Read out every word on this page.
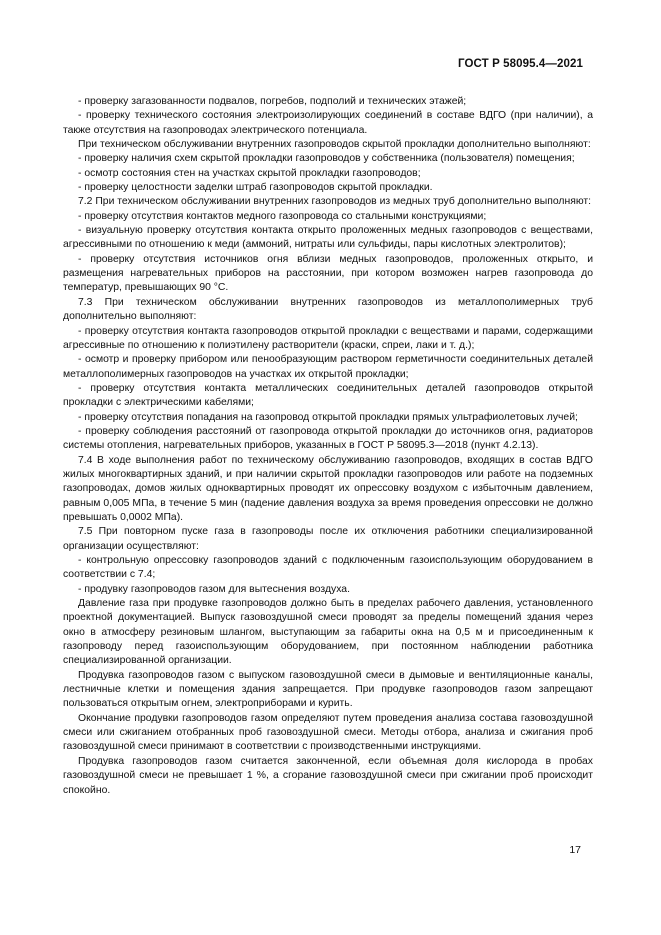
ГОСТ Р 58095.4—2021

- проверку загазованности подвалов, погребов, подполий и технических этажей;

- проверку технического состояния электроизолирующих соединений в составе ВДГО (при наличии), а также отсутствия на газопроводах электрического потенциала.

При техническом обслуживании внутренних газопроводов скрытой прокладки дополнительно выполняют:

- проверку наличия схем скрытой прокладки газопроводов у собственника (пользователя) помещения;

- осмотр состояния стен на участках скрытой прокладки газопроводов;

- проверку целостности заделки штраб газопроводов скрытой прокладки.

7.2 При техническом обслуживании внутренних газопроводов из медных труб дополнительно выполняют:

- проверку отсутствия контактов медного газопровода со стальными конструкциями;

- визуальную проверку отсутствия контакта открыто проложенных медных газопроводов с веществами, агрессивными по отношению к меди (аммоний, нитраты или сульфиды, пары кислотных электролитов);

- проверку отсутствия источников огня вблизи медных газопроводов, проложенных открыто, и размещения нагревательных приборов на расстоянии, при котором возможен нагрев газопровода до температур, превышающих 90 °С.

7.3 При техническом обслуживании внутренних газопроводов из металлополимерных труб дополнительно выполняют:

- проверку отсутствия контакта газопроводов открытой прокладки с веществами и парами, содержащими агрессивные по отношению к полиэтилену растворители (краски, спреи, лаки и т. д.);

- осмотр и проверку прибором или пенообразующим раствором герметичности соединительных деталей металлополимерных газопроводов на участках их открытой прокладки;

- проверку отсутствия контакта металлических соединительных деталей газопроводов открытой прокладки с электрическими кабелями;

- проверку отсутствия попадания на газопровод открытой прокладки прямых ультрафиолетовых лучей;

- проверку соблюдения расстояний от газопровода открытой прокладки до источников огня, радиаторов системы отопления, нагревательных приборов, указанных в ГОСТ Р 58095.3—2018 (пункт 4.2.13).

7.4 В ходе выполнения работ по техническому обслуживанию газопроводов, входящих в состав ВДГО жилых многоквартирных зданий, и при наличии скрытой прокладки газопроводов или работе на подземных газопроводах, домов жилых одноквартирных проводят их опрессовку воздухом с избыточным давлением, равным 0,005 МПа, в течение 5 мин (падение давления воздуха за время проведения опрессовки не должно превышать 0,0002 МПа).

7.5 При повторном пуске газа в газопроводы после их отключения работники специализированной организации осуществляют:

- контрольную опрессовку газопроводов зданий с подключенным газоиспользующим оборудованием в соответствии с 7.4;

- продувку газопроводов газом для вытеснения воздуха.

Давление газа при продувке газопроводов должно быть в пределах рабочего давления, установленного проектной документацией. Выпуск газовоздушной смеси проводят за пределы помещений здания через окно в атмосферу резиновым шлангом, выступающим за габариты окна на 0,5 м и присоединенным к газопроводу перед газоиспользующим оборудованием, при постоянном наблюдении работника специализированной организации.

Продувка газопроводов газом с выпуском газовоздушной смеси в дымовые и вентиляционные каналы, лестничные клетки и помещения здания запрещается. При продувке газопроводов газом запрещают пользоваться открытым огнем, электроприборами и курить.

Окончание продувки газопроводов газом определяют путем проведения анализа состава газовоздушной смеси или сжиганием отобранных проб газовоздушной смеси. Методы отбора, анализа и сжигания проб газовоздушной смеси принимают в соответствии с производственными инструкциями.

Продувка газопроводов газом считается законченной, если объемная доля кислорода в пробах газовоздушной смеси не превышает 1 %, а сгорание газовоздушной смеси при сжигании проб происходит спокойно.

17
